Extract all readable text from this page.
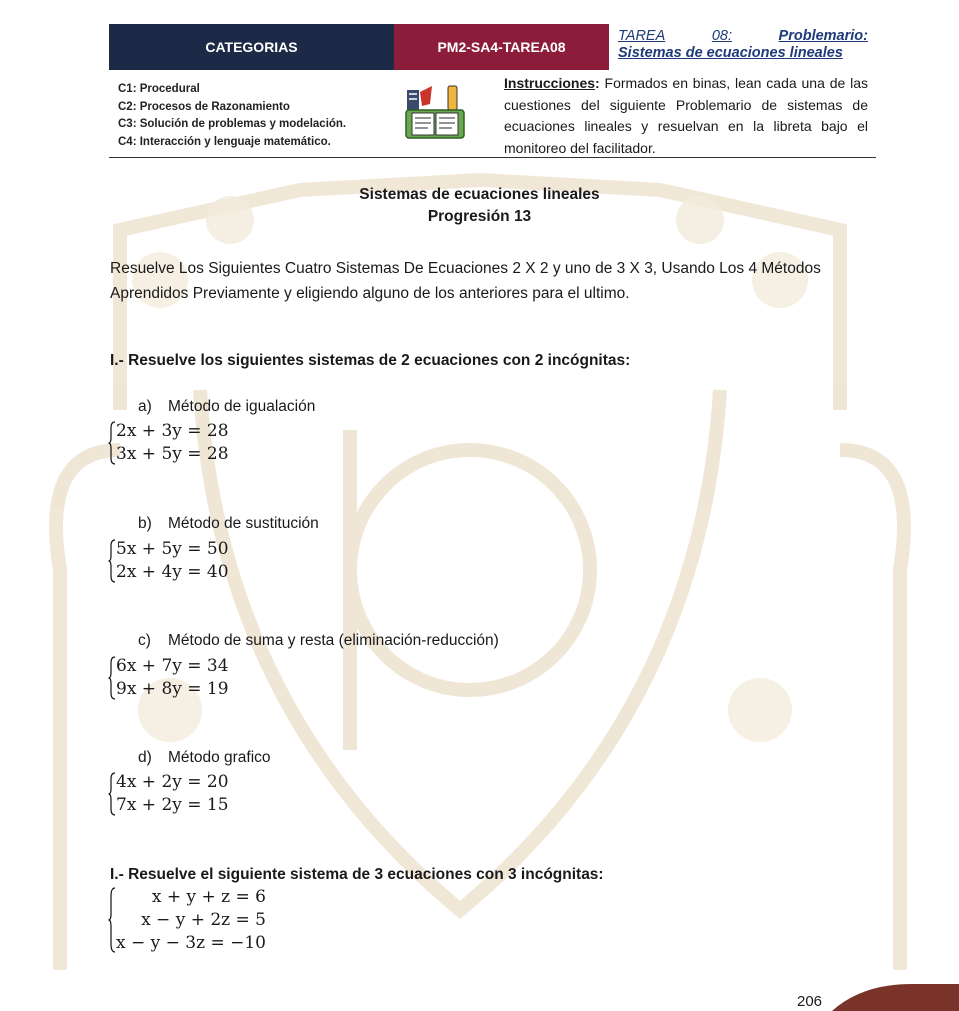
CATEGORIAS	PM2-SA4-TAREA08
TAREA	08:	Problemario:
Sistemas de ecuaciones lineales
C1: Procedural
C2: Procesos de Razonamiento
C3: Solución de problemas y modelación.
C4: Interacción y lenguaje matemático.
Instrucciones: Formados en binas, lean cada una de las cuestiones del siguiente Problemario de sistemas de ecuaciones lineales y resuelvan en la libreta bajo el monitoreo del facilitador.
Sistemas de ecuaciones lineales
Progresión 13
Resuelve Los Siguientes Cuatro Sistemas De Ecuaciones 2 X 2 y uno de 3 X 3, Usando Los 4 Métodos Aprendidos Previamente y eligiendo alguno de los anteriores para el ultimo.
I.- Resuelve los siguientes sistemas de 2 ecuaciones con 2 incógnitas:
a) Método de igualación
2x + 3y = 28
3x + 5y = 28
b) Método de sustitución
5x + 5y = 50
2x + 4y = 40
c) Método de suma y resta (eliminación-reducción)
6x + 7y = 34
9x + 8y = 19
d) Método grafico
4x + 2y = 20
7x + 2y = 15
I.- Resuelve el siguiente sistema de 3 ecuaciones con 3 incógnitas:
x + y + z = 6
x − y + 2z = 5
x − y − 3z = −10
206
